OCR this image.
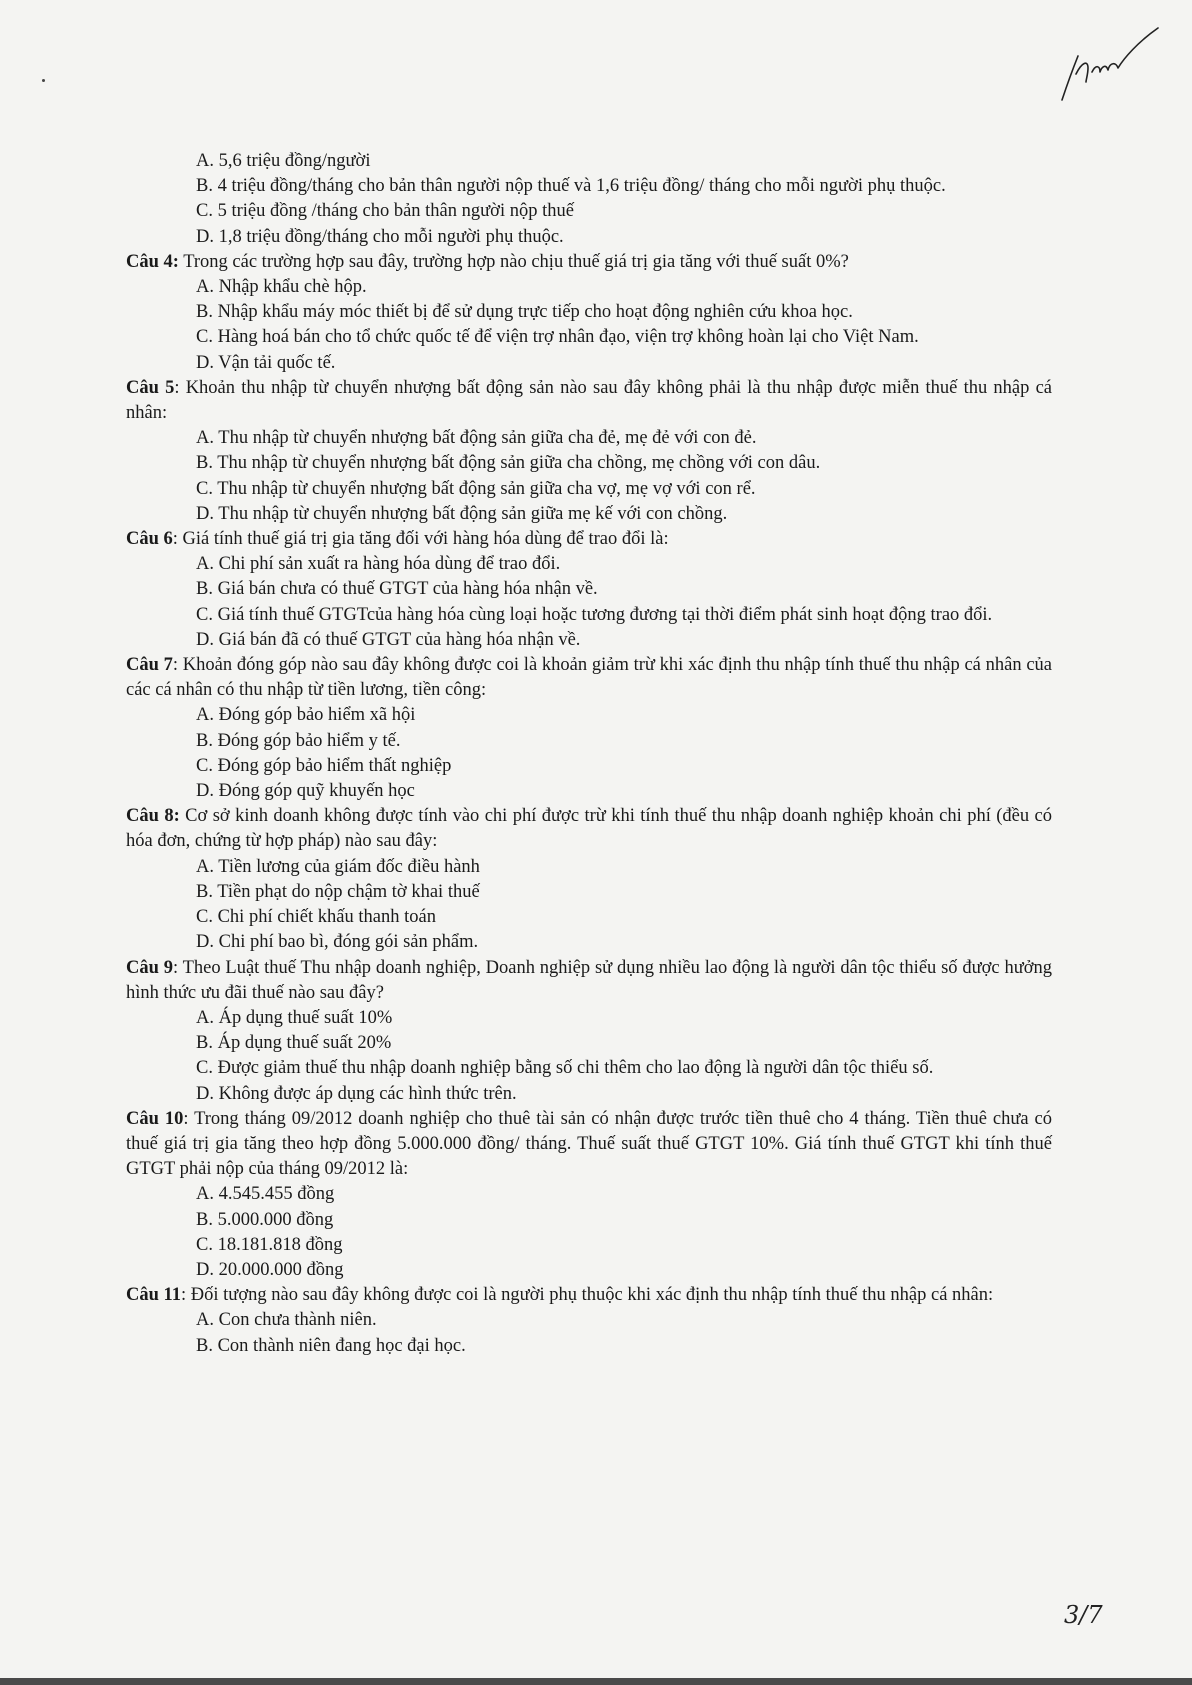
A. 5,6 triệu đồng/người

B. 4 triệu đồng/tháng cho bản thân người nộp thuế và 1,6 triệu đồng/ tháng cho mỗi người phụ thuộc.

C. 5 triệu đồng /tháng cho bản thân người nộp thuế

D. 1,8 triệu đồng/tháng cho mỗi người phụ thuộc.

Câu 4: Trong các trường hợp sau đây, trường hợp nào chịu thuế giá trị gia tăng với thuế suất 0%?

A. Nhập khẩu chè hộp.

B. Nhập khẩu máy móc thiết bị để sử dụng trực tiếp cho hoạt động nghiên cứu khoa học.

C. Hàng hoá bán cho tổ chức quốc tế để viện trợ nhân đạo, viện trợ không hoàn lại cho Việt Nam.

D. Vận tải quốc tế.

Câu 5: Khoản thu nhập từ chuyển nhượng bất động sản nào sau đây không phải là thu nhập được miễn thuế thu nhập cá nhân:

A. Thu nhập từ chuyển nhượng bất động sản giữa cha đẻ, mẹ đẻ với con đẻ.

B. Thu nhập từ chuyển nhượng bất động sản giữa cha chồng, mẹ chồng với con dâu.

C. Thu nhập từ chuyển nhượng bất động sản giữa cha vợ, mẹ vợ với con rể.

D. Thu nhập từ chuyển nhượng bất động sản giữa mẹ kế với con chồng.

Câu 6: Giá tính thuế giá trị gia tăng đối với hàng hóa dùng để trao đổi là:

A. Chi phí sản xuất ra hàng hóa dùng để trao đổi.

B. Giá bán chưa có thuế GTGT của hàng hóa nhận về.

C. Giá tính thuế GTGTcủa hàng hóa cùng loại hoặc tương đương tại thời điểm phát sinh hoạt động trao đổi.

D. Giá bán đã có thuế GTGT của hàng hóa nhận về.

Câu 7: Khoản đóng góp nào sau đây không được coi là khoản giảm trừ khi xác định thu nhập tính thuế thu nhập cá nhân của các cá nhân có thu nhập từ tiền lương, tiền công:

A. Đóng góp bảo hiểm xã hội

B. Đóng góp bảo hiểm y tế.

C. Đóng góp bảo hiểm thất nghiệp

D. Đóng góp quỹ khuyến học

Câu 8: Cơ sở kinh doanh không được tính vào chi phí được trừ khi tính thuế thu nhập doanh nghiệp khoản chi phí (đều có hóa đơn, chứng từ hợp pháp) nào sau đây:

A. Tiền lương của giám đốc điều hành

B. Tiền phạt do nộp chậm tờ khai thuế

C. Chi phí chiết khấu thanh toán

D. Chi phí bao bì, đóng gói sản phẩm.

Câu 9: Theo Luật thuế Thu nhập doanh nghiệp, Doanh nghiệp sử dụng nhiều lao động là người dân tộc thiểu số được hưởng hình thức ưu đãi thuế nào sau đây?

A. Áp dụng thuế suất 10%

B. Áp dụng thuế suất 20%

C. Được giảm thuế thu nhập doanh nghiệp bằng số chi thêm cho lao động là người dân tộc thiểu số.

D. Không được áp dụng các hình thức trên.

Câu 10: Trong tháng 09/2012 doanh nghiệp cho thuê tài sản có nhận được trước tiền thuê cho 4 tháng. Tiền thuê chưa có thuế giá trị gia tăng theo hợp đồng 5.000.000 đồng/ tháng. Thuế suất thuế GTGT 10%. Giá tính thuế GTGT khi tính thuế GTGT phải nộp của tháng 09/2012 là:

A. 4.545.455 đồng

B. 5.000.000 đồng

C. 18.181.818 đồng

D. 20.000.000 đồng

Câu 11: Đối tượng nào sau đây không được coi là người phụ thuộc khi xác định thu nhập tính thuế thu nhập cá nhân:

A. Con chưa thành niên.

B. Con thành niên đang học đại học.

3/7
